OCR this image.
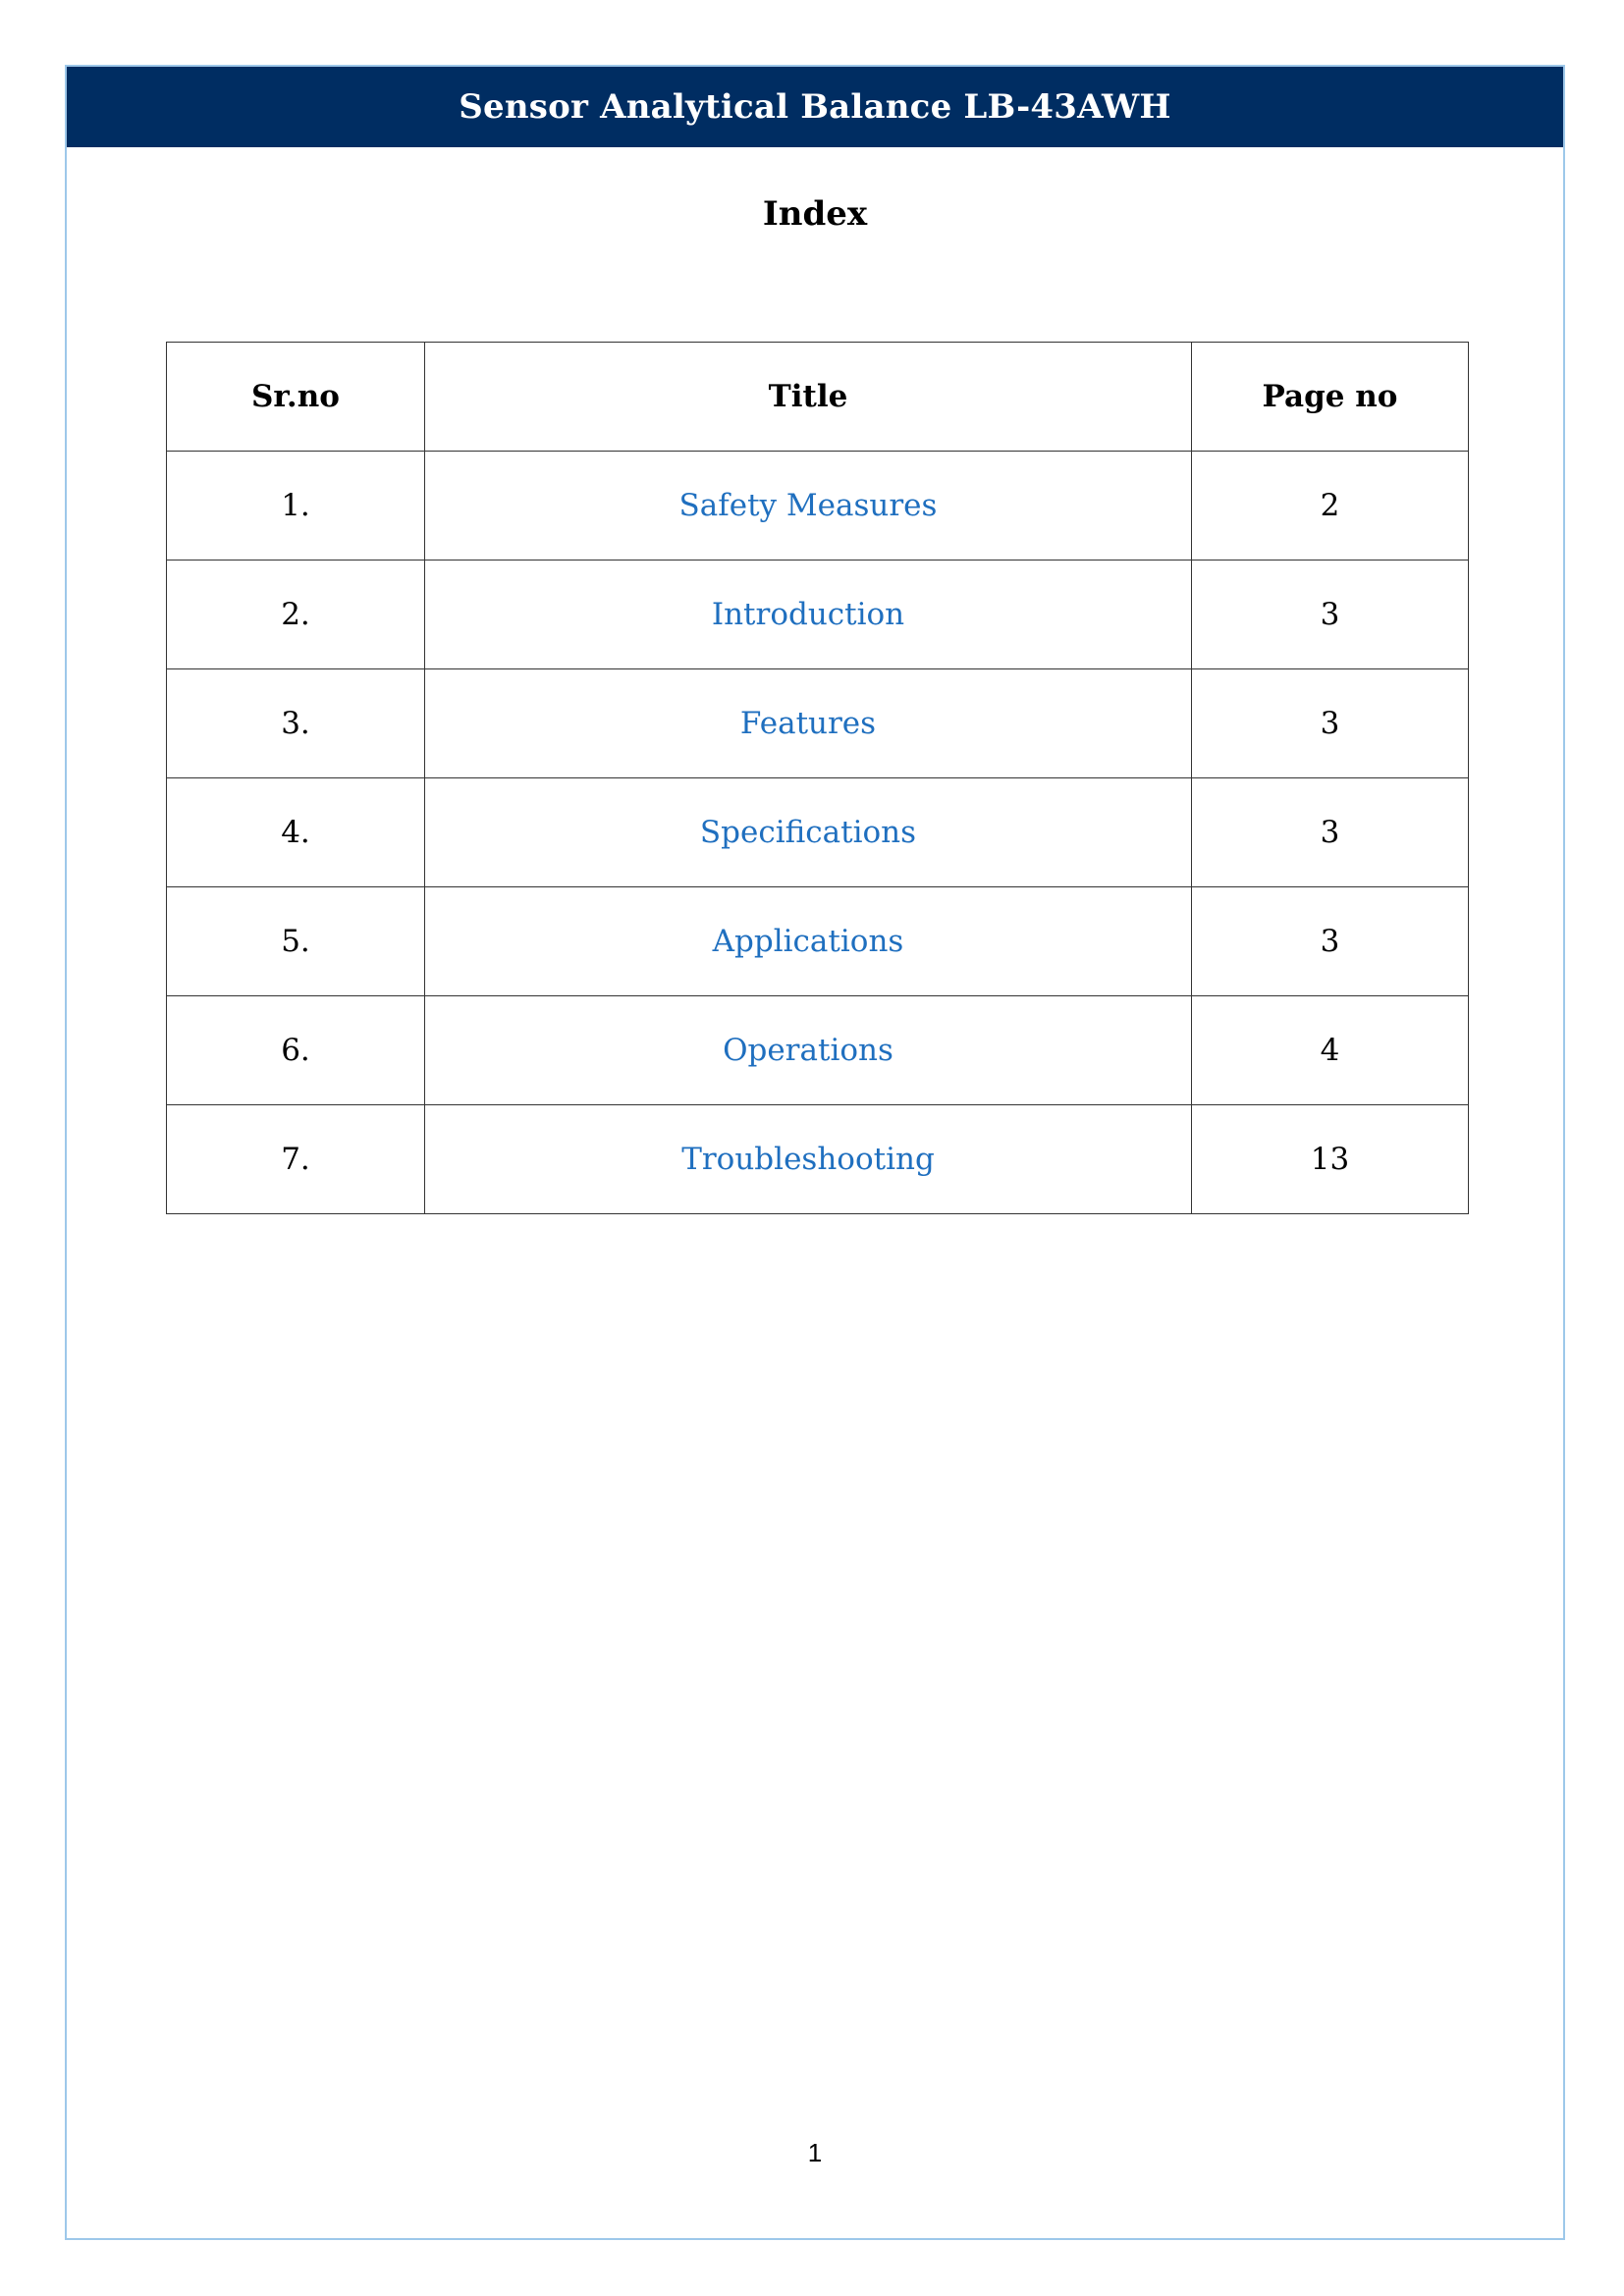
Sensor Analytical Balance LB-43AWH
Index
Sr.no	Title	Page no
1.	Safety Measures	2
2.	Introduction	3
3.	Features	3
4.	Specifications	3
5.	Applications	3
6.	Operations	4
7.	Troubleshooting	13
1
